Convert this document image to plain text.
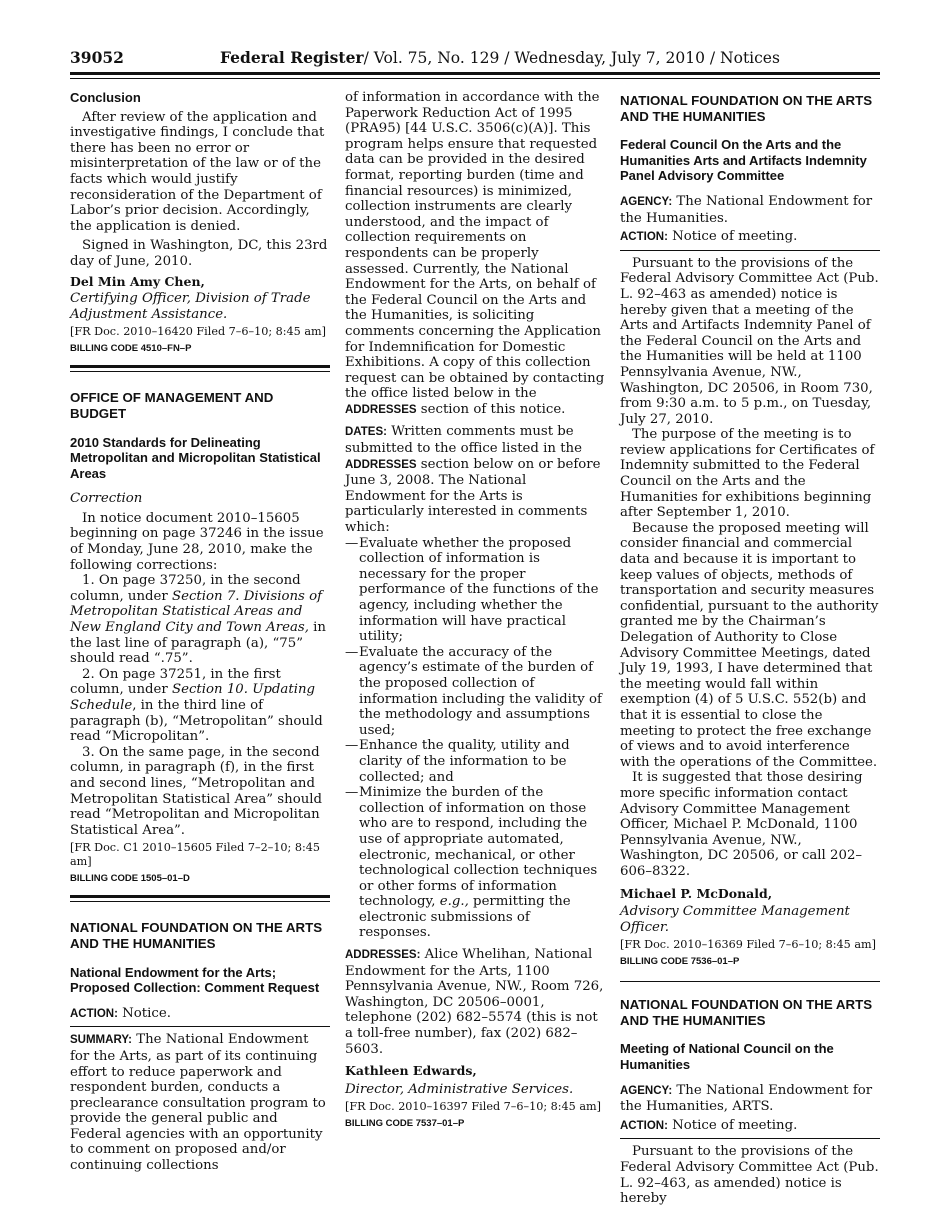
39052	Federal Register/ Vol. 75, No. 129 / Wednesday, July 7, 2010 / Notices

Conclusion

After review of the application and investigative findings, I conclude that there has been no error or misinterpretation of the law or of the facts which would justify reconsideration of the Department of Labor’s prior decision. Accordingly, the application is denied.

Signed in Washington, DC, this 23rd day of June, 2010.

Del Min Amy Chen,

Certifying Officer, Division of Trade Adjustment Assistance.

[FR Doc. 2010–16420 Filed 7–6–10; 8:45 am]

BILLING CODE 4510–FN–P

OFFICE OF MANAGEMENT AND BUDGET

2010 Standards for Delineating Metropolitan and Micropolitan Statistical Areas

Correction

In notice document 2010–15605 beginning on page 37246 in the issue of Monday, June 28, 2010, make the following corrections:

1. On page 37250, in the second column, under Section 7. Divisions of Metropolitan Statistical Areas and New England City and Town Areas, in the last line of paragraph (a), “75” should read “.75”.

2. On page 37251, in the first column, under Section 10. Updating Schedule, in the third line of paragraph (b), “Metropolitan” should read “Micropolitan”.

3. On the same page, in the second column, in paragraph (f), in the first and second lines, “Metropolitan and Metropolitan Statistical Area” should read “Metropolitan and Micropolitan Statistical Area”.

[FR Doc. C1 2010–15605 Filed 7–2–10; 8:45 am]

BILLING CODE 1505–01–D

NATIONAL FOUNDATION ON THE ARTS AND THE HUMANITIES

National Endowment for the Arts; Proposed Collection: Comment Request

ACTION: Notice.

SUMMARY: The National Endowment for the Arts, as part of its continuing effort to reduce paperwork and respondent burden, conducts a preclearance consultation program to provide the general public and Federal agencies with an opportunity to comment on proposed and/or continuing collections

of information in accordance with the Paperwork Reduction Act of 1995 (PRA95) [44 U.S.C. 3506(c)(A)]. This program helps ensure that requested data can be provided in the desired format, reporting burden (time and financial resources) is minimized, collection instruments are clearly understood, and the impact of collection requirements on respondents can be properly assessed. Currently, the National Endowment for the Arts, on behalf of the Federal Council on the Arts and the Humanities, is soliciting comments concerning the Application for Indemnification for Domestic Exhibitions. A copy of this collection request can be obtained by contacting the office listed below in the ADDRESSES section of this notice.

DATES: Written comments must be submitted to the office listed in the ADDRESSES section below on or before June 3, 2008. The National Endowment for the Arts is particularly interested in comments which:

— Evaluate whether the proposed collection of information is necessary for the proper performance of the functions of the agency, including whether the information will have practical utility;
— Evaluate the accuracy of the agency’s estimate of the burden of the proposed collection of information including the validity of the methodology and assumptions used;
— Enhance the quality, utility and clarity of the information to be collected; and
— Minimize the burden of the collection of information on those who are to respond, including the use of appropriate automated, electronic, mechanical, or other technological collection techniques or other forms of information technology, e.g., permitting the electronic submissions of responses.

ADDRESSES: Alice Whelihan, National Endowment for the Arts, 1100 Pennsylvania Avenue, NW., Room 726, Washington, DC 20506–0001, telephone (202) 682–5574 (this is not a toll-free number), fax (202) 682–5603.

Kathleen Edwards,

Director, Administrative Services.

[FR Doc. 2010–16397 Filed 7–6–10; 8:45 am]

BILLING CODE 7537–01–P

NATIONAL FOUNDATION ON THE ARTS AND THE HUMANITIES

Federal Council On the Arts and the Humanities Arts and Artifacts Indemnity Panel Advisory Committee

AGENCY: The National Endowment for the Humanities.

ACTION: Notice of meeting.

Pursuant to the provisions of the Federal Advisory Committee Act (Pub. L. 92–463 as amended) notice is hereby given that a meeting of the Arts and Artifacts Indemnity Panel of the Federal Council on the Arts and the Humanities will be held at 1100 Pennsylvania Avenue, NW., Washington, DC 20506, in Room 730, from 9:30 a.m. to 5 p.m., on Tuesday, July 27, 2010.

The purpose of the meeting is to review applications for Certificates of Indemnity submitted to the Federal Council on the Arts and the Humanities for exhibitions beginning after September 1, 2010.

Because the proposed meeting will consider financial and commercial data and because it is important to keep values of objects, methods of transportation and security measures confidential, pursuant to the authority granted me by the Chairman’s Delegation of Authority to Close Advisory Committee Meetings, dated July 19, 1993, I have determined that the meeting would fall within exemption (4) of 5 U.S.C. 552(b) and that it is essential to close the meeting to protect the free exchange of views and to avoid interference with the operations of the Committee.

It is suggested that those desiring more specific information contact Advisory Committee Management Officer, Michael P. McDonald, 1100 Pennsylvania Avenue, NW., Washington, DC 20506, or call 202–606–8322.

Michael P. McDonald,

Advisory Committee Management Officer.

[FR Doc. 2010–16369 Filed 7–6–10; 8:45 am]

BILLING CODE 7536–01–P

NATIONAL FOUNDATION ON THE ARTS AND THE HUMANITIES

Meeting of National Council on the Humanities

AGENCY: The National Endowment for the Humanities, ARTS.

ACTION: Notice of meeting.

Pursuant to the provisions of the Federal Advisory Committee Act (Pub. L. 92–463, as amended) notice is hereby
